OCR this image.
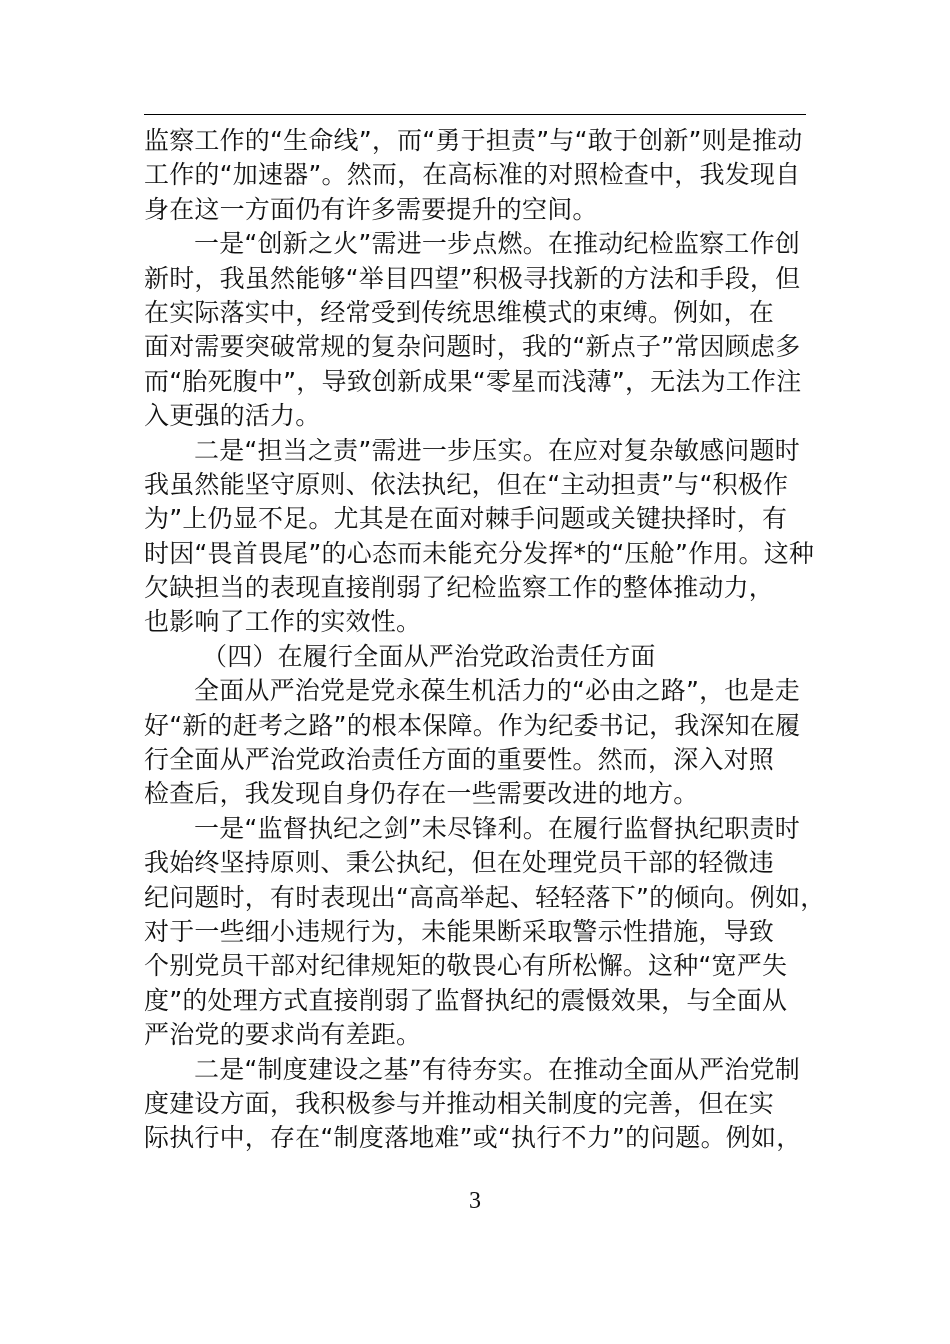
监察工作的“生命线”，而“勇于担责”与“敢于创新”则是推动
工作的“加速器”。然而，在高标准的对照检查中，我发现自
身在这一方面仍有许多需要提升的空间。
一是“创新之火”需进一步点燃。在推动纪检监察工作创
新时，我虽然能够“举目四望”积极寻找新的方法和手段，但
在实际落实中，经常受到传统思维模式的束缚。例如，在
面对需要突破常规的复杂问题时，我的“新点子”常因顾虑多
而“胎死腹中”，导致创新成果“零星而浅薄”，无法为工作注
入更强的活力。
二是“担当之责”需进一步压实。在应对复杂敏感问题时
我虽然能坚守原则、依法执纪，但在“主动担责”与“积极作
为”上仍显不足。尤其是在面对棘手问题或关键抉择时，有
时因“畏首畏尾”的心态而未能充分发挥*的“压舱”作用。这种
欠缺担当的表现直接削弱了纪检监察工作的整体推动力，
也影响了工作的实效性。
（四）在履行全面从严治党政治责任方面
全面从严治党是党永葆生机活力的“必由之路”，也是走
好“新的赶考之路”的根本保障。作为纪委书记，我深知在履
行全面从严治党政治责任方面的重要性。然而，深入对照
检查后，我发现自身仍存在一些需要改进的地方。
一是“监督执纪之剑”未尽锋利。在履行监督执纪职责时
我始终坚持原则、秉公执纪，但在处理党员干部的轻微违
纪问题时，有时表现出“高高举起、轻轻落下”的倾向。例如，
对于一些细小违规行为，未能果断采取警示性措施，导致
个别党员干部对纪律规矩的敬畏心有所松懈。这种“宽严失
度”的处理方式直接削弱了监督执纪的震慑效果，与全面从
严治党的要求尚有差距。
二是“制度建设之基”有待夯实。在推动全面从严治党制
度建设方面，我积极参与并推动相关制度的完善，但在实
际执行中，存在“制度落地难”或“执行不力”的问题。例如，
3
